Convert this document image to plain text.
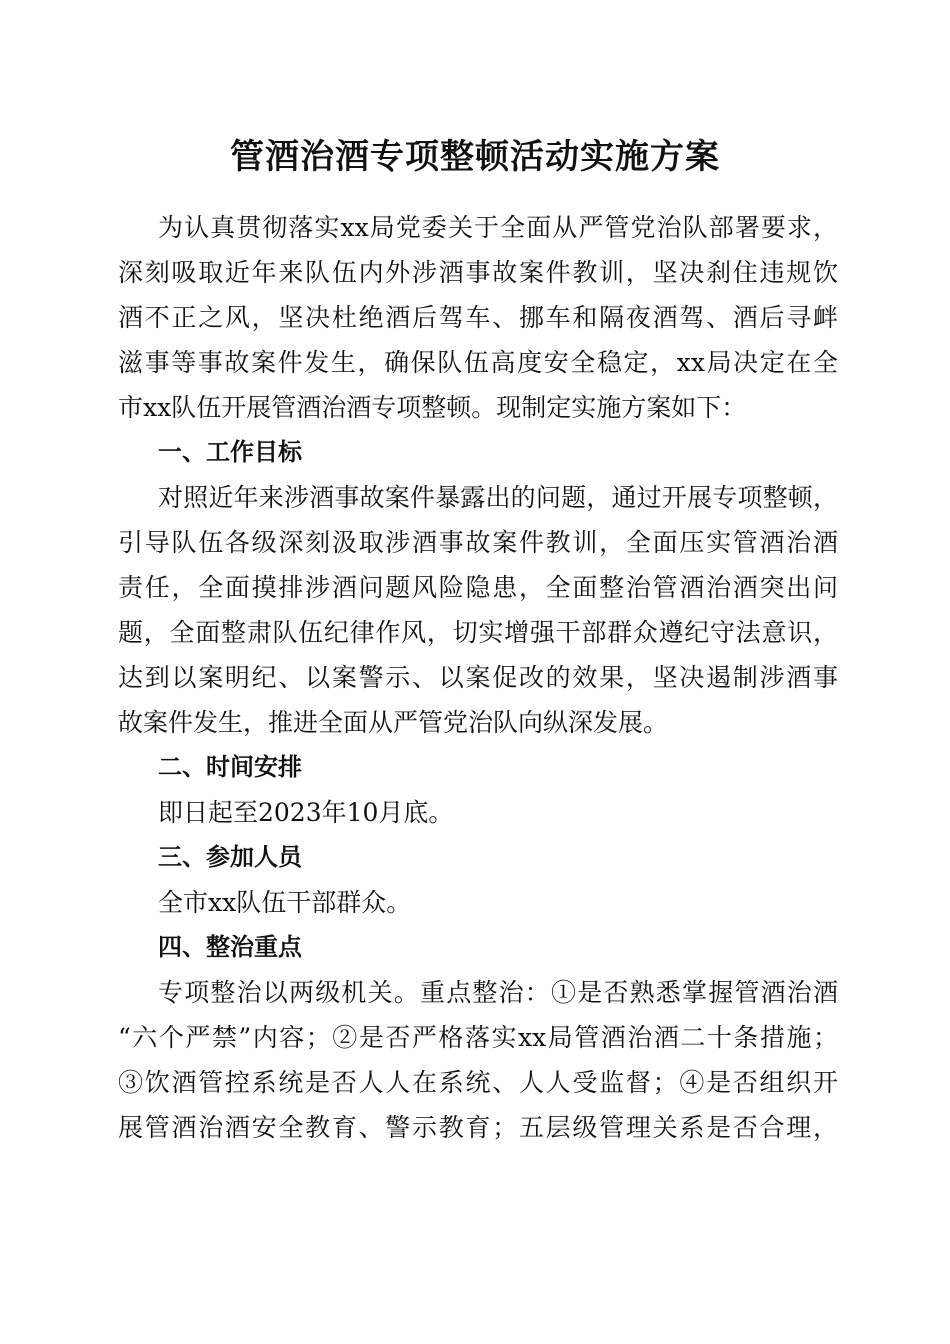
管酒治酒专项整顿活动实施方案
为认真贯彻落实xx局党委关于全面从严管党治队部署要求，
深刻吸取近年来队伍内外涉酒事故案件教训，坚决刹住违规饮
酒不正之风，坚决杜绝酒后驾车、挪车和隔夜酒驾、酒后寻衅
滋事等事故案件发生，确保队伍高度安全稳定，xx局决定在全
市xx队伍开展管酒治酒专项整顿。现制定实施方案如下：
一、工作目标
对照近年来涉酒事故案件暴露出的问题，通过开展专项整顿，
引导队伍各级深刻汲取涉酒事故案件教训，全面压实管酒治酒
责任，全面摸排涉酒问题风险隐患，全面整治管酒治酒突出问
题，全面整肃队伍纪律作风，切实增强干部群众遵纪守法意识，
达到以案明纪、以案警示、以案促改的效果，坚决遏制涉酒事
故案件发生，推进全面从严管党治队向纵深发展。
二、时间安排
即日起至2023年10月底。
三、参加人员
全市xx队伍干部群众。
四、整治重点
专项整治以两级机关。重点整治：①是否熟悉掌握管酒治酒
“六个严禁”内容；②是否严格落实xx局管酒治酒二十条措施；
③饮酒管控系统是否人人在系统、人人受监督；④是否组织开
展管酒治酒安全教育、警示教育；五层级管理关系是否合理，
